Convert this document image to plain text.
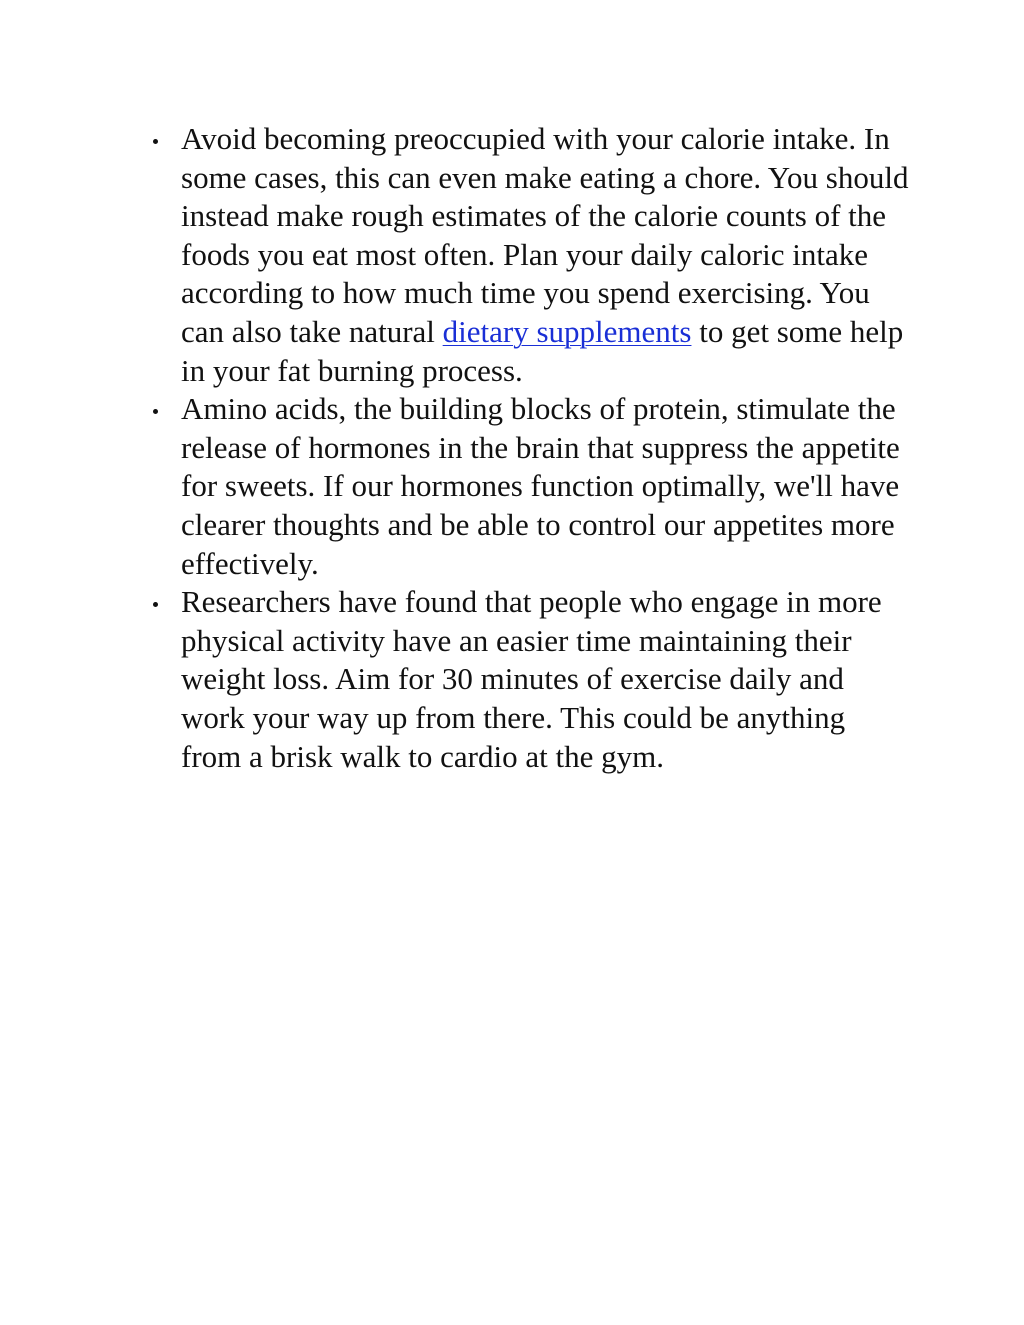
Avoid becoming preoccupied with your calorie intake. In some cases, this can even make eating a chore. You should instead make rough estimates of the calorie counts of the foods you eat most often. Plan your daily caloric intake according to how much time you spend exercising. You can also take natural dietary supplements to get some help in your fat burning process.
Amino acids, the building blocks of protein, stimulate the release of hormones in the brain that suppress the appetite for sweets. If our hormones function optimally, we'll have clearer thoughts and be able to control our appetites more effectively.
Researchers have found that people who engage in more physical activity have an easier time maintaining their weight loss. Aim for 30 minutes of exercise daily and work your way up from there. This could be anything from a brisk walk to cardio at the gym.
